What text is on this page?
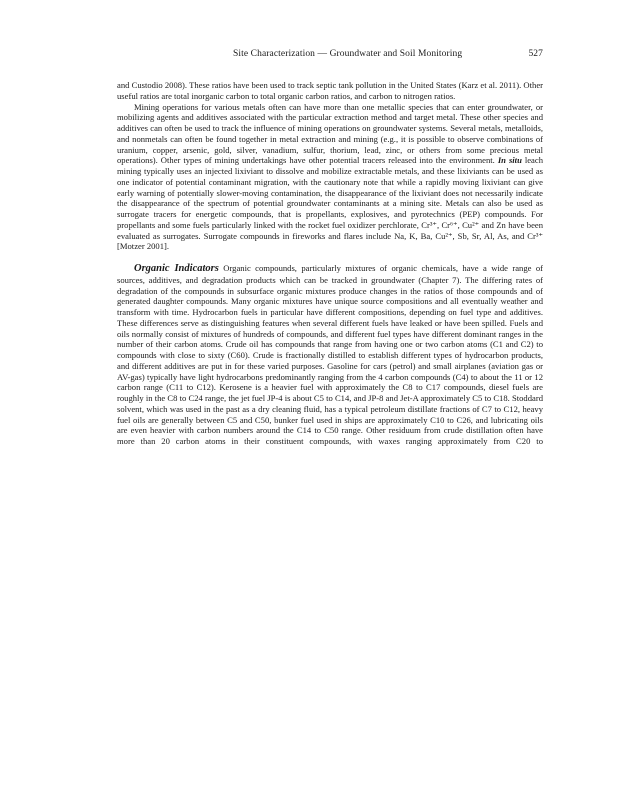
Site Characterization — Groundwater and Soil Monitoring	527

and Custodio 2008). These ratios have been used to track septic tank pollution in the United States (Karz et al. 2011). Other useful ratios are total inorganic carbon to total organic carbon ratios, and carbon to nitrogen ratios.

Mining operations for various metals often can have more than one metallic species that can enter groundwater, or mobilizing agents and additives associated with the particular extraction method and target metal. These other species and additives can often be used to track the influence of mining operations on groundwater systems. Several metals, metalloids, and nonmetals can often be found together in metal extraction and mining (e.g., it is possible to observe combinations of uranium, copper, arsenic, gold, silver, vanadium, sulfur, thorium, lead, zinc, or others from some precious metal operations). Other types of mining undertakings have other potential tracers released into the environment. In situ leach mining typically uses an injected lixiviant to dissolve and mobilize extractable metals, and these lixiviants can be used as one indicator of potential contaminant migration, with the cautionary note that while a rapidly moving lixiviant can give early warning of potentially slower-moving contamination, the disappearance of the lixiviant does not necessarily indicate the disappearance of the spectrum of potential groundwater contaminants at a mining site. Metals can also be used as surrogate tracers for energetic compounds, that is propellants, explosives, and pyrotechnics (PEP) compounds. For propellants and some fuels particularly linked with the rocket fuel oxidizer perchlorate, Cr³⁺, Cr⁶⁺, Cu²⁺ and Zn have been evaluated as surrogates. Surrogate compounds in fireworks and flares include Na, K, Ba, Cu²⁺, Sb, Sr, Al, As, and Cr³⁺ [Motzer 2001].

Organic Indicators Organic compounds, particularly mixtures of organic chemicals, have a wide range of sources, additives, and degradation products which can be tracked in groundwater (Chapter 7). The differing rates of degradation of the compounds in subsurface organic mixtures produce changes in the ratios of those compounds and of generated daughter compounds. Many organic mixtures have unique source compositions and all eventually weather and transform with time. Hydrocarbon fuels in particular have different compositions, depending on fuel type and additives. These differences serve as distinguishing features when several different fuels have leaked or have been spilled. Fuels and oils normally consist of mixtures of hundreds of compounds, and different fuel types have different dominant ranges in the number of their carbon atoms. Crude oil has compounds that range from having one or two carbon atoms (C1 and C2) to compounds with close to sixty (C60). Crude is fractionally distilled to establish different types of hydrocarbon products, and different additives are put in for these varied purposes. Gasoline for cars (petrol) and small airplanes (aviation gas or AV-gas) typically have light hydrocarbons predominantly ranging from the 4 carbon compounds (C4) to about the 11 or 12 carbon range (C11 to C12). Kerosene is a heavier fuel with approximately the C8 to C17 compounds, diesel fuels are roughly in the C8 to C24 range, the jet fuel JP-4 is about C5 to C14, and JP-8 and Jet-A approximately C5 to C18. Stoddard solvent, which was used in the past as a dry cleaning fluid, has a typical petroleum distillate fractions of C7 to C12, heavy fuel oils are generally between C5 and C50, bunker fuel used in ships are approximately C10 to C26, and lubricating oils are even heavier with carbon numbers around the C14 to C50 range. Other residuum from crude distillation often have more than 20 carbon atoms in their constituent compounds, with waxes ranging approximately from C20 to
